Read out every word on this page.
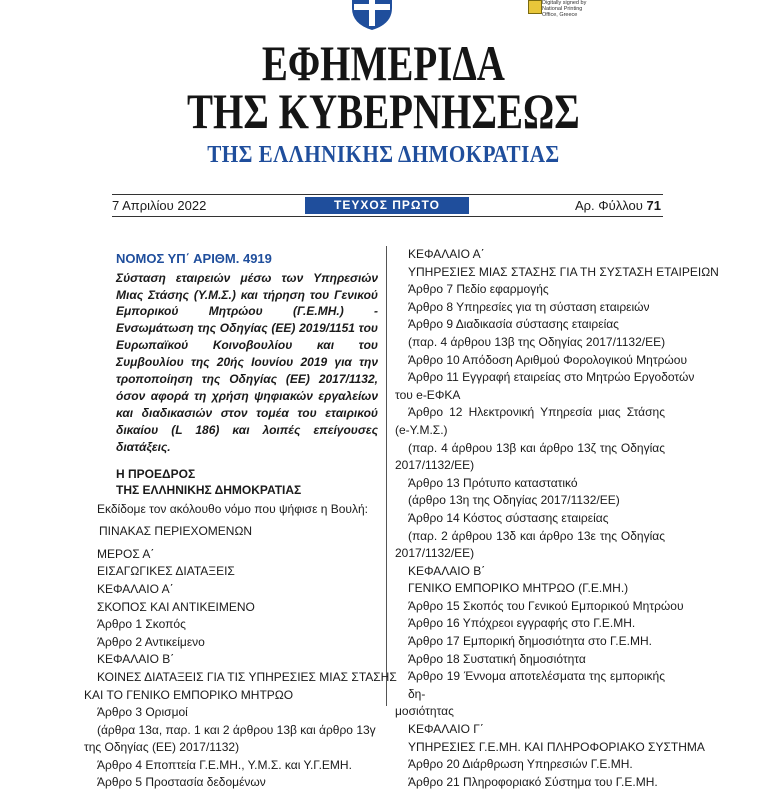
Digitally signed by
National Printing
Office, Greece
ΕΦΗΜΕΡΙΔΑ
ΤΗΣ ΚΥΒΕΡΝΗΣΕΩΣ
ΤΗΣ ΕΛΛΗΝΙΚΗΣ ΔΗΜΟΚΡΑΤΙΑΣ
7 Απριλίου 2022	ΤΕΥΧΟΣ ΠΡΩΤΟ	Αρ. Φύλλου 71
ΝΟΜΟΣ ΥΠ΄ ΑΡΙΘΜ. 4919
Σύσταση εταιρειών μέσω των Υπηρεσιών Μιας Στάσης (Υ.Μ.Σ.) και τήρηση του Γενικού Εμπορικού Μητρώου (Γ.Ε.ΜΗ.) - Ενσωμάτωση της Οδηγίας (ΕΕ) 2019/1151 του Ευρωπαϊκού Κοινοβουλίου και του Συμβουλίου της 20ής Ιουνίου 2019 για την τροποποίηση της Οδηγίας (ΕΕ) 2017/1132, όσον αφορά τη χρήση ψηφιακών εργαλείων και διαδικασιών στον τομέα του εταιρικού δικαίου (L 186) και λοιπές επείγουσες διατάξεις.
Η ΠΡΟΕΔΡΟΣ
ΤΗΣ ΕΛΛΗΝΙΚΗΣ ΔΗΜΟΚΡΑΤΙΑΣ
Εκδίδομε τον ακόλουθο νόμο που ψήφισε η Βουλή:
ΠΙΝΑΚΑΣ ΠΕΡΙΕΧΟΜΕΝΩΝ
ΜΕΡΟΣ Α΄
ΕΙΣΑΓΩΓΙΚΕΣ ΔΙΑΤΑΞΕΙΣ
ΚΕΦΑΛΑΙΟ Α΄
ΣΚΟΠΟΣ ΚΑΙ ΑΝΤΙΚΕΙΜΕΝΟ
Άρθρο 1 Σκοπός
Άρθρο 2 Αντικείμενο
ΚΕΦΑΛΑΙΟ Β΄
ΚΟΙΝΕΣ ΔΙΑΤΑΞΕΙΣ ΓΙΑ ΤΙΣ ΥΠΗΡΕΣΙΕΣ ΜΙΑΣ ΣΤΑΣΗΣ
ΚΑΙ ΤΟ ΓΕΝΙΚΟ ΕΜΠΟΡΙΚΟ ΜΗΤΡΩΟ
Άρθρο 3 Ορισμοί
(άρθρα 13α, παρ. 1 και 2 άρθρου 13β και άρθρο 13γ
της Οδηγίας (ΕΕ) 2017/1132)
Άρθρο 4 Εποπτεία Γ.Ε.ΜΗ., Υ.Μ.Σ. και Υ.Γ.ΕΜΗ.
Άρθρο 5 Προστασία δεδομένων
ΚΕΦΑΛΑΙΟ Α΄
ΥΠΗΡΕΣΙΕΣ ΜΙΑΣ ΣΤΑΣΗΣ ΓΙΑ ΤΗ ΣΥΣΤΑΣΗ ΕΤΑΙΡΕΙΩΝ
Άρθρο 7 Πεδίο εφαρμογής
Άρθρο 8 Υπηρεσίες για τη σύσταση εταιρειών
Άρθρο 9 Διαδικασία σύστασης εταιρείας
(παρ. 4 άρθρου 13β της Οδηγίας 2017/1132/ΕΕ)
Άρθρο 10 Απόδοση Αριθμού Φορολογικού Μητρώου
Άρθρο 11 Εγγραφή εταιρείας στο Μητρώο Εργοδοτών
του e-ΕΦΚΑ
Άρθρο 12 Ηλεκτρονική Υπηρεσία μιας Στάσης
(e-Υ.Μ.Σ.)
(παρ. 4 άρθρου 13β και άρθρο 13ζ της Οδηγίας
2017/1132/ΕΕ)
Άρθρο 13 Πρότυπο καταστατικό
(άρθρο 13η της Οδηγίας 2017/1132/ΕΕ)
Άρθρο 14 Κόστος σύστασης εταιρείας
(παρ. 2 άρθρου 13δ και άρθρο 13ε της Οδηγίας
2017/1132/ΕΕ)
ΚΕΦΑΛΑΙΟ Β΄
ΓΕΝΙΚΟ ΕΜΠΟΡΙΚΟ ΜΗΤΡΩΟ (Γ.Ε.ΜΗ.)
Άρθρο 15 Σκοπός του Γενικού Εμπορικού Μητρώου
Άρθρο 16 Υπόχρεοι εγγραφής στο Γ.Ε.ΜΗ.
Άρθρο 17 Εμπορική δημοσιότητα στο Γ.Ε.ΜΗ.
Άρθρο 18 Συστατική δημοσιότητα
Άρθρο 19 Έννομα αποτελέσματα της εμπορικής δη-
μοσιότητας
ΚΕΦΑΛΑΙΟ Γ΄
ΥΠΗΡΕΣΙΕΣ Γ.Ε.ΜΗ. ΚΑΙ ΠΛΗΡΟΦΟΡΙΑΚΟ ΣΥΣΤΗΜΑ
Άρθρο 20 Διάρθρωση Υπηρεσιών Γ.Ε.ΜΗ.
Άρθρο 21 Πληροφοριακό Σύστημα του Γ.Ε.ΜΗ.
